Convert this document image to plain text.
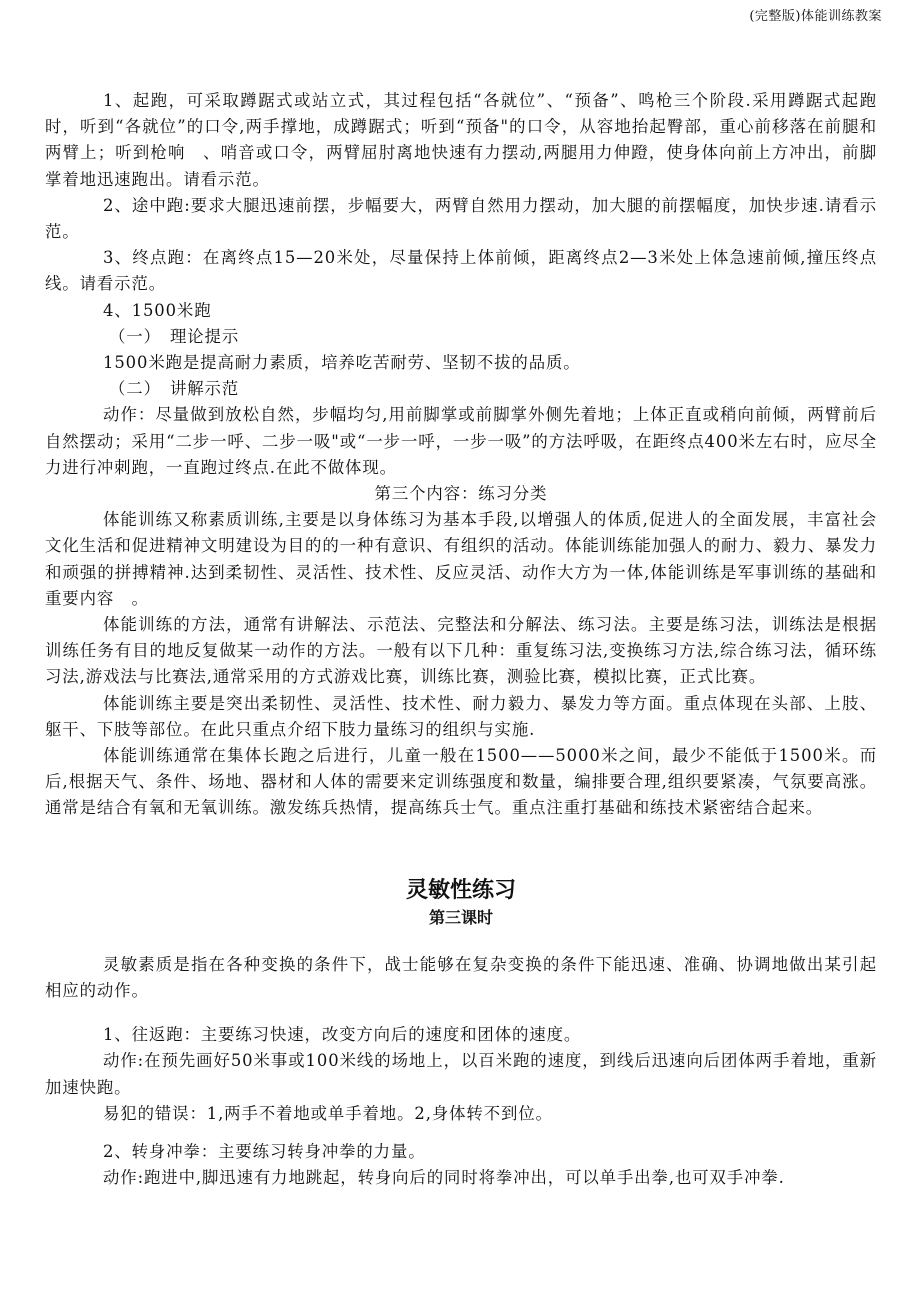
(完整版)体能训练教案

1、起跑，可采取蹲踞式或站立式，其过程包括“各就位”、“预备”、鸣枪三个阶段.采用蹲踞式起跑时，听到“各就位”的口令,两手撑地，成蹲踞式；听到“预备"的口令，从容地抬起臀部，重心前移落在前腿和两臂上；听到枪响　、哨音或口令，两臂屈肘离地快速有力摆动,两腿用力伸蹬，使身体向前上方冲出，前脚掌着地迅速跑出。请看示范。

2、途中跑:要求大腿迅速前摆，步幅要大，两臂自然用力摆动，加大腿的前摆幅度，加快步速.请看示范。

3、终点跑：在离终点15—20米处，尽量保持上体前倾，距离终点2—3米处上体急速前倾,撞压终点线。请看示范。

4、1500米跑

（一）　理论提示

1500米跑是提高耐力素质，培养吃苦耐劳、坚韧不拔的品质。

（二）　讲解示范

动作：尽量做到放松自然，步幅均匀,用前脚掌或前脚掌外侧先着地；上体正直或稍向前倾，两臂前后自然摆动；采用“二步一呼、二步一吸"或“一步一呼，一步一吸”的方法呼吸，在距终点400米左右时，应尽全力进行冲刺跑，一直跑过终点.在此不做体现。

第三个内容：练习分类

体能训练又称素质训练,主要是以身体练习为基本手段,以增强人的体质,促进人的全面发展，丰富社会文化生活和促进精神文明建设为目的的一种有意识、有组织的活动。体能训练能加强人的耐力、毅力、暴发力和顽强的拼搏精神.达到柔韧性、灵活性、技术性、反应灵活、动作大方为一体,体能训练是军事训练的基础和重要内容　。

体能训练的方法，通常有讲解法、示范法、完整法和分解法、练习法。主要是练习法，训练法是根据训练任务有目的地反复做某一动作的方法。一般有以下几种：重复练习法,变换练习方法,综合练习法，循环练习法,游戏法与比赛法,通常采用的方式游戏比赛，训练比赛，测验比赛，模拟比赛，正式比赛。

体能训练主要是突出柔韧性、灵活性、技术性、耐力毅力、暴发力等方面。重点体现在头部、上肢、躯干、下肢等部位。在此只重点介绍下肢力量练习的组织与实施.

体能训练通常在集体长跑之后进行，儿童一般在1500——5000米之间，最少不能低于1500米。而后,根据天气、条件、场地、器材和人体的需要来定训练强度和数量，编排要合理,组织要紧凑，气氛要高涨。通常是结合有氧和无氧训练。激发练兵热情，提高练兵士气。重点注重打基础和练技术紧密结合起来。

灵敏性练习

第三课时

灵敏素质是指在各种变换的条件下，战士能够在复杂变换的条件下能迅速、准确、协调地做出某引起相应的动作。

1、往返跑：主要练习快速，改变方向后的速度和团体的速度。

动作:在预先画好50米事或100米线的场地上，以百米跑的速度，到线后迅速向后团体两手着地，重新加速快跑。

易犯的错误：1,两手不着地或单手着地。2,身体转不到位。

2、转身冲拳：主要练习转身冲拳的力量。

动作:跑进中,脚迅速有力地跳起，转身向后的同时将拳冲出，可以单手出拳,也可双手冲拳.
